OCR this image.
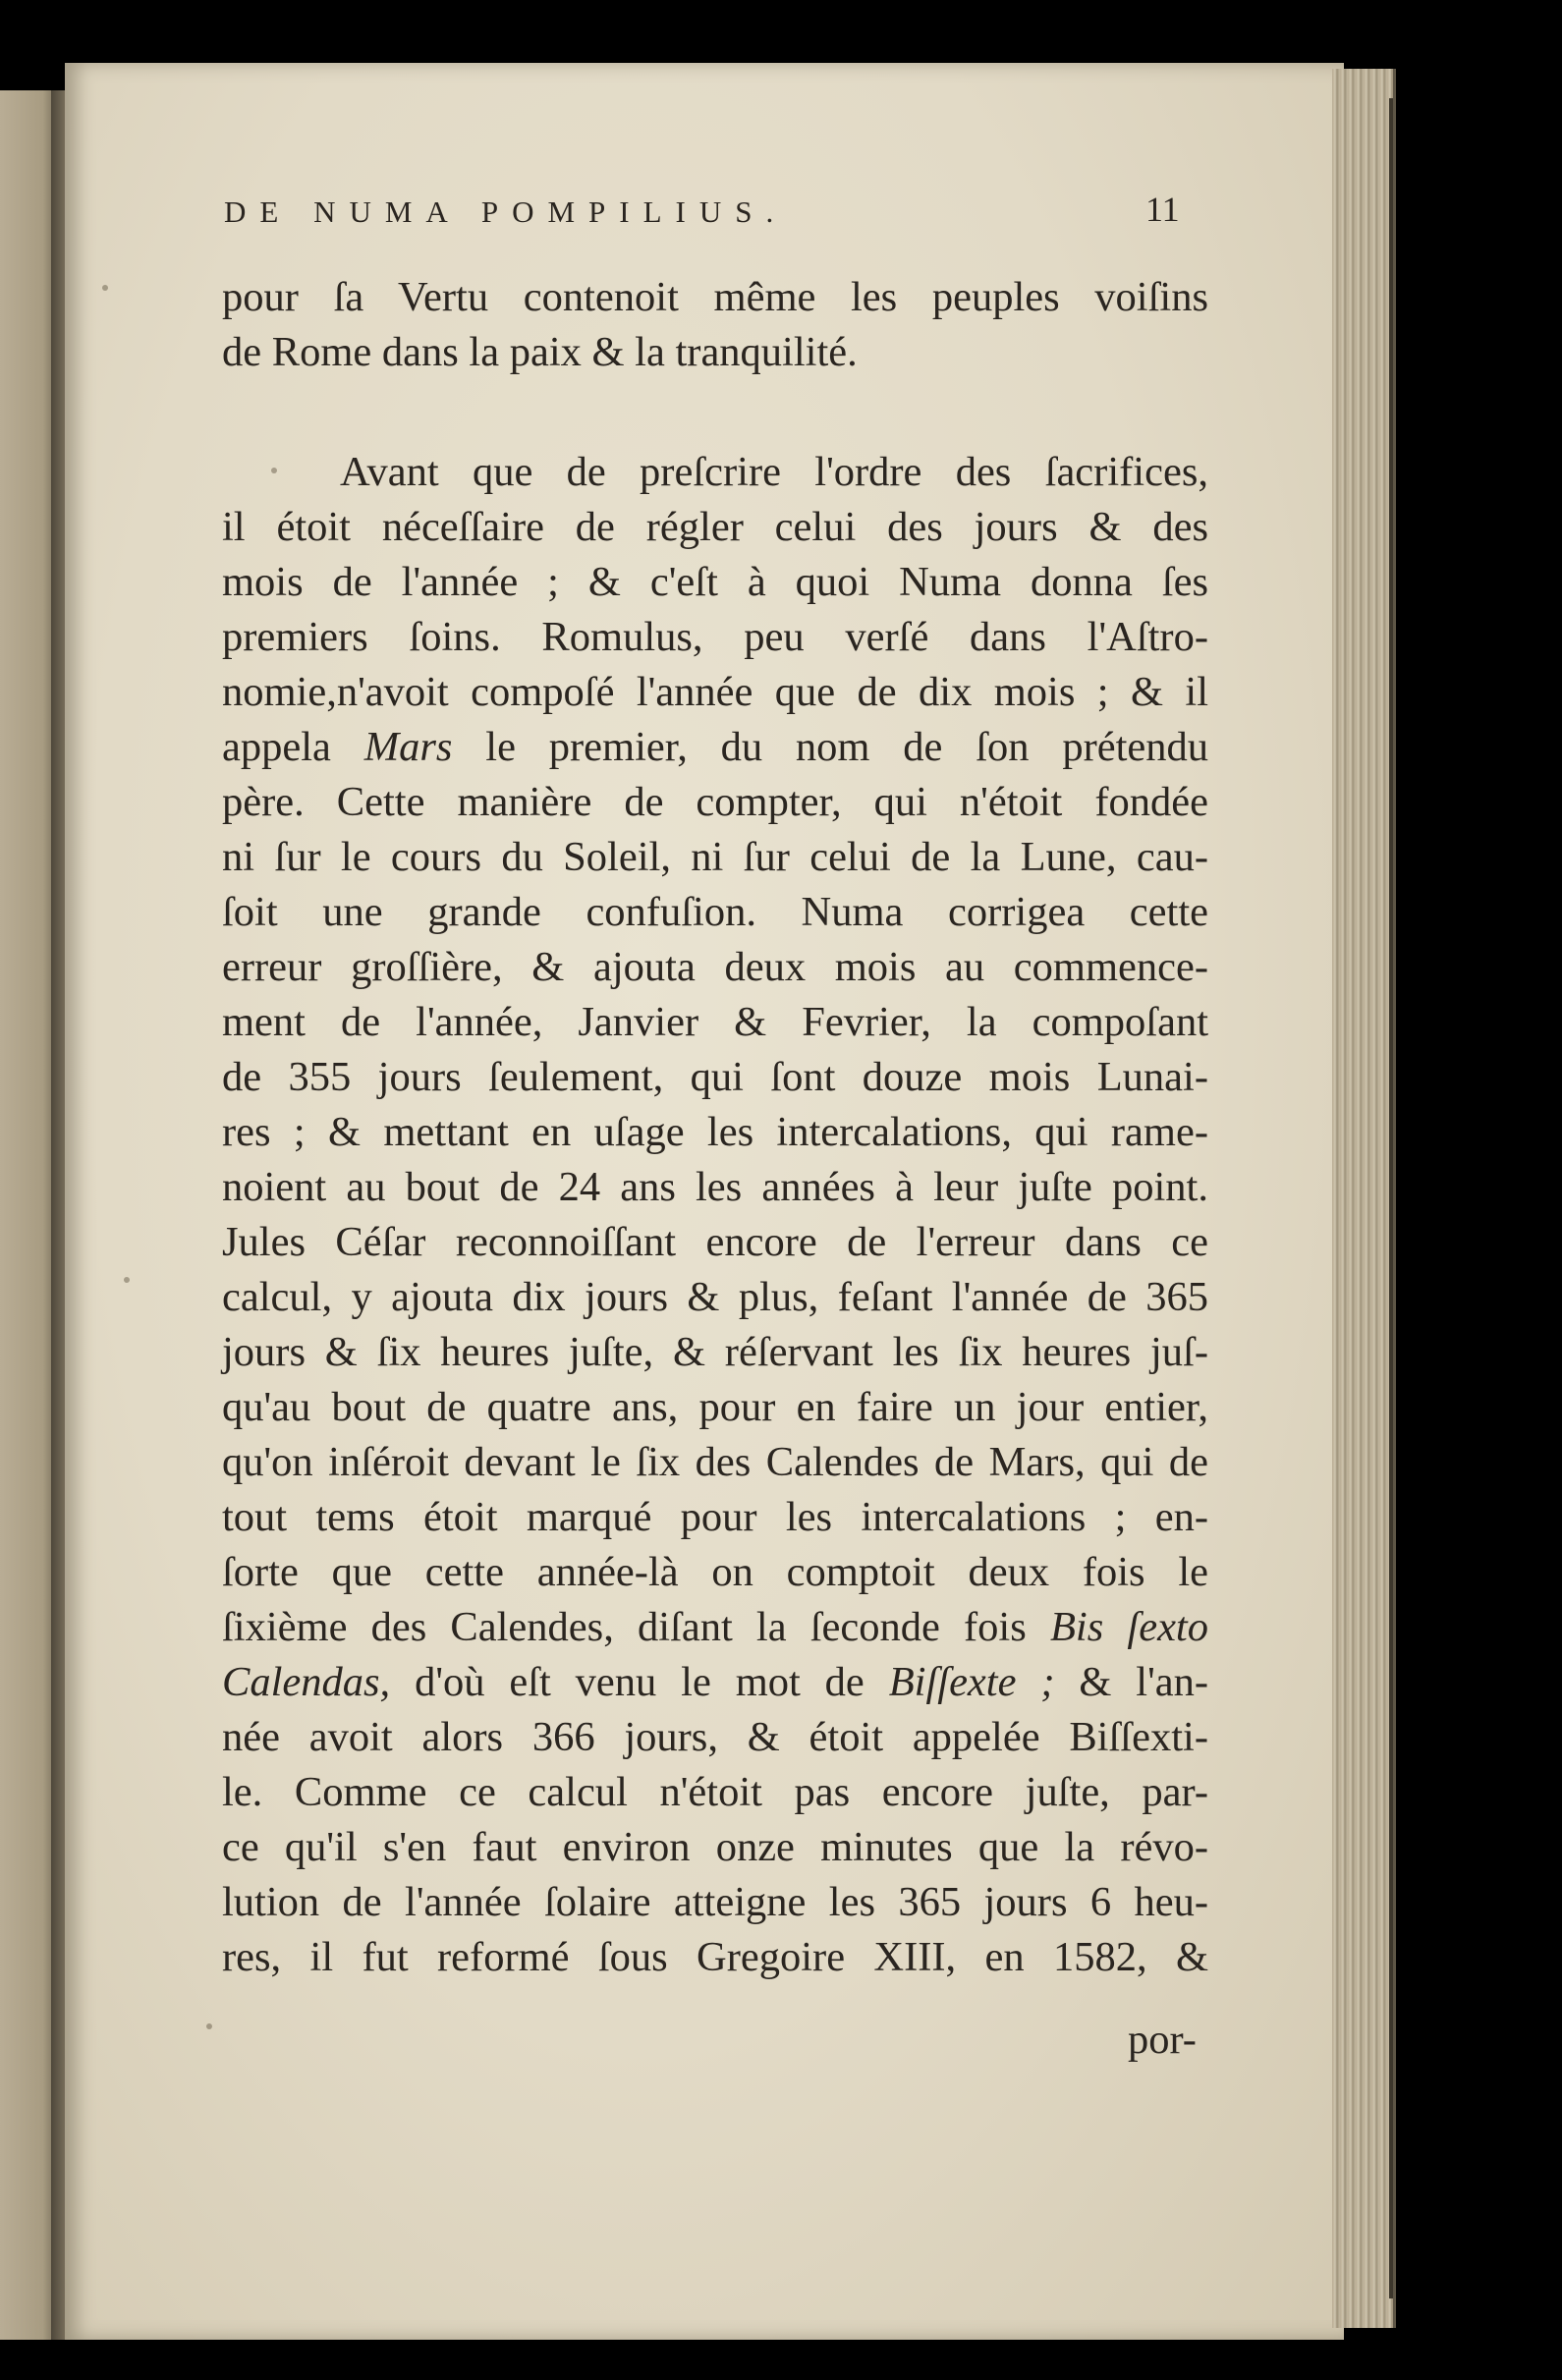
DE NUMA POMPILIUS.	11
pour ſa Vertu contenoit même les peuples voiſins
de Rome dans la paix & la tranquilité.
Avant que de preſcrire l'ordre des ſacrifices,
il étoit néceſſaire de régler celui des jours & des
mois de l'année ; & c'eſt à quoi Numa donna ſes
premiers ſoins. Romulus, peu verſé dans l'Aſtro-
nomie,n'avoit compoſé l'année que de dix mois ; & il
appela Mars le premier, du nom de ſon prétendu
père. Cette manière de compter, qui n'étoit fondée
ni ſur le cours du Soleil, ni ſur celui de la Lune, cau-
ſoit une grande confuſion. Numa corrigea cette
erreur groſſière, & ajouta deux mois au commence-
ment de l'année, Janvier & Fevrier, la compoſant
de 355 jours ſeulement, qui ſont douze mois Lunai-
res ; & mettant en uſage les intercalations, qui rame-
noient au bout de 24 ans les années à leur juſte point.
Jules Céſar reconnoiſſant encore de l'erreur dans ce
calcul, y ajouta dix jours & plus, feſant l'année de 365
jours & ſix heures juſte, & réſervant les ſix heures juſ-
qu'au bout de quatre ans, pour en faire un jour entier,
qu'on inſéroit devant le ſix des Calendes de Mars, qui de
tout tems étoit marqué pour les intercalations ; en-
ſorte que cette année-là on comptoit deux fois le
ſixième des Calendes, diſant la ſeconde fois Bis ſexto
Calendas, d'où eſt venu le mot de Biſſexte ; & l'an-
née avoit alors 366 jours, & étoit appelée Biſſexti-
le. Comme ce calcul n'étoit pas encore juſte, par-
ce qu'il s'en faut environ onze minutes que la révo-
lution de l'année ſolaire atteigne les 365 jours 6 heu-
res, il fut reformé ſous Gregoire XIII, en 1582, &
por-
